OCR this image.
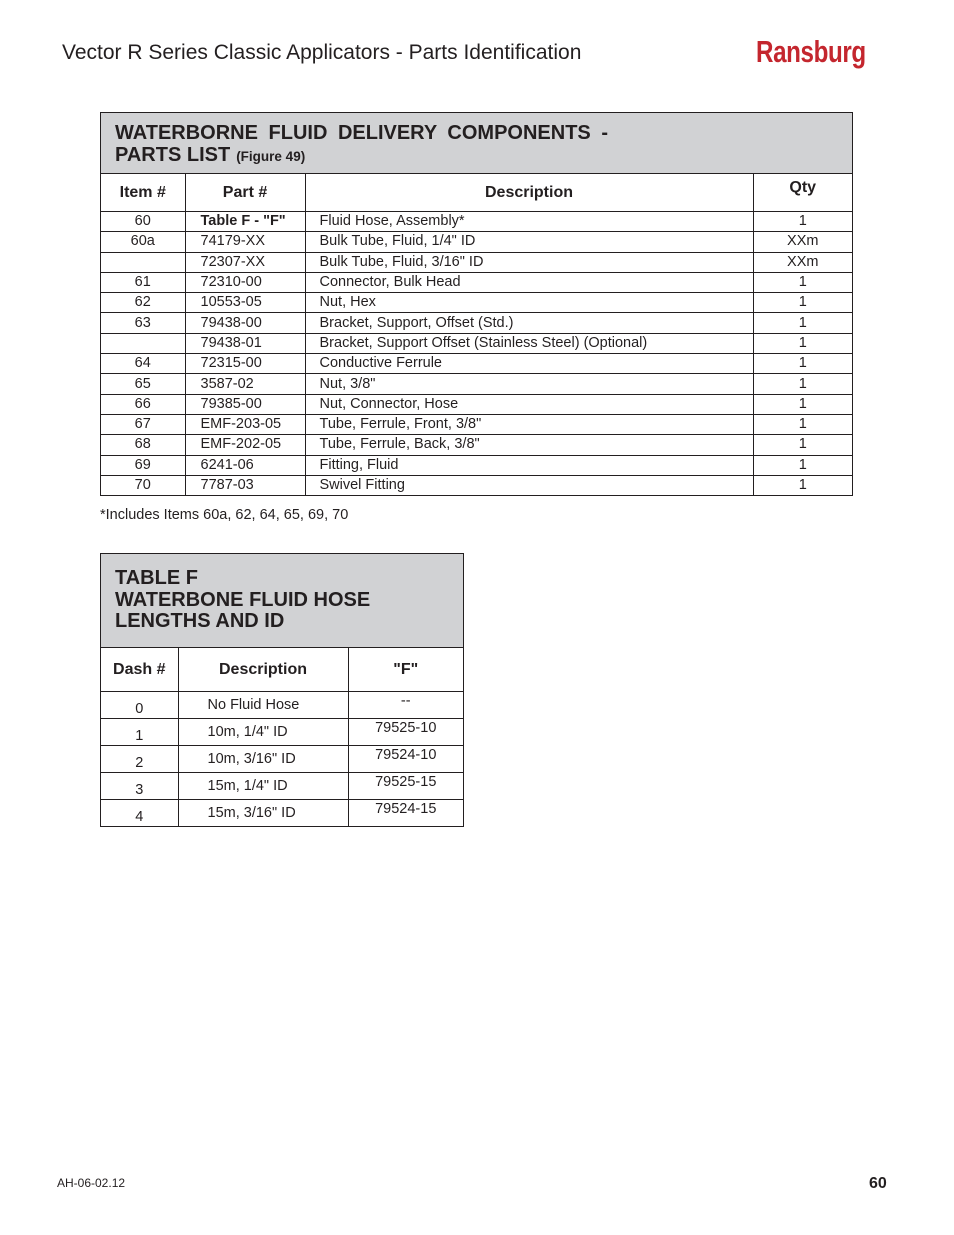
Vector R Series Classic Applicators - Parts Identification	Ransburg
WATERBORNE FLUID DELIVERY COMPONENTS -
PARTS LIST (Figure 49)
Item #	Part #	Description	Qty
60	Table F - "F"	Fluid Hose, Assembly*	1
60a	74179-XX	Bulk Tube, Fluid, 1/4" ID	XXm
	72307-XX	Bulk Tube, Fluid, 3/16" ID	XXm
61	72310-00	Connector, Bulk Head	1
62	10553-05	Nut, Hex	1
63	79438-00	Bracket, Support, Offset (Std.)	1
	79438-01	Bracket, Support Offset (Stainless Steel) (Optional)	1
64	72315-00	Conductive Ferrule	1
65	3587-02	Nut, 3/8"	1
66	79385-00	Nut, Connector, Hose	1
67	EMF-203-05	Tube, Ferrule, Front, 3/8"	1
68	EMF-202-05	Tube, Ferrule, Back, 3/8"	1
69	6241-06	Fitting, Fluid	1
70	7787-03	Swivel Fitting	1
*Includes Items 60a, 62, 64, 65, 69, 70
TABLE F
WATERBONE FLUID HOSE
LENGTHS AND ID
Dash #	Description	"F"
0	No Fluid Hose	--
1	10m, 1/4" ID	79525-10
2	10m, 3/16" ID	79524-10
3	15m, 1/4" ID	79525-15
4	15m, 3/16" ID	79524-15
AH-06-02.12	60
